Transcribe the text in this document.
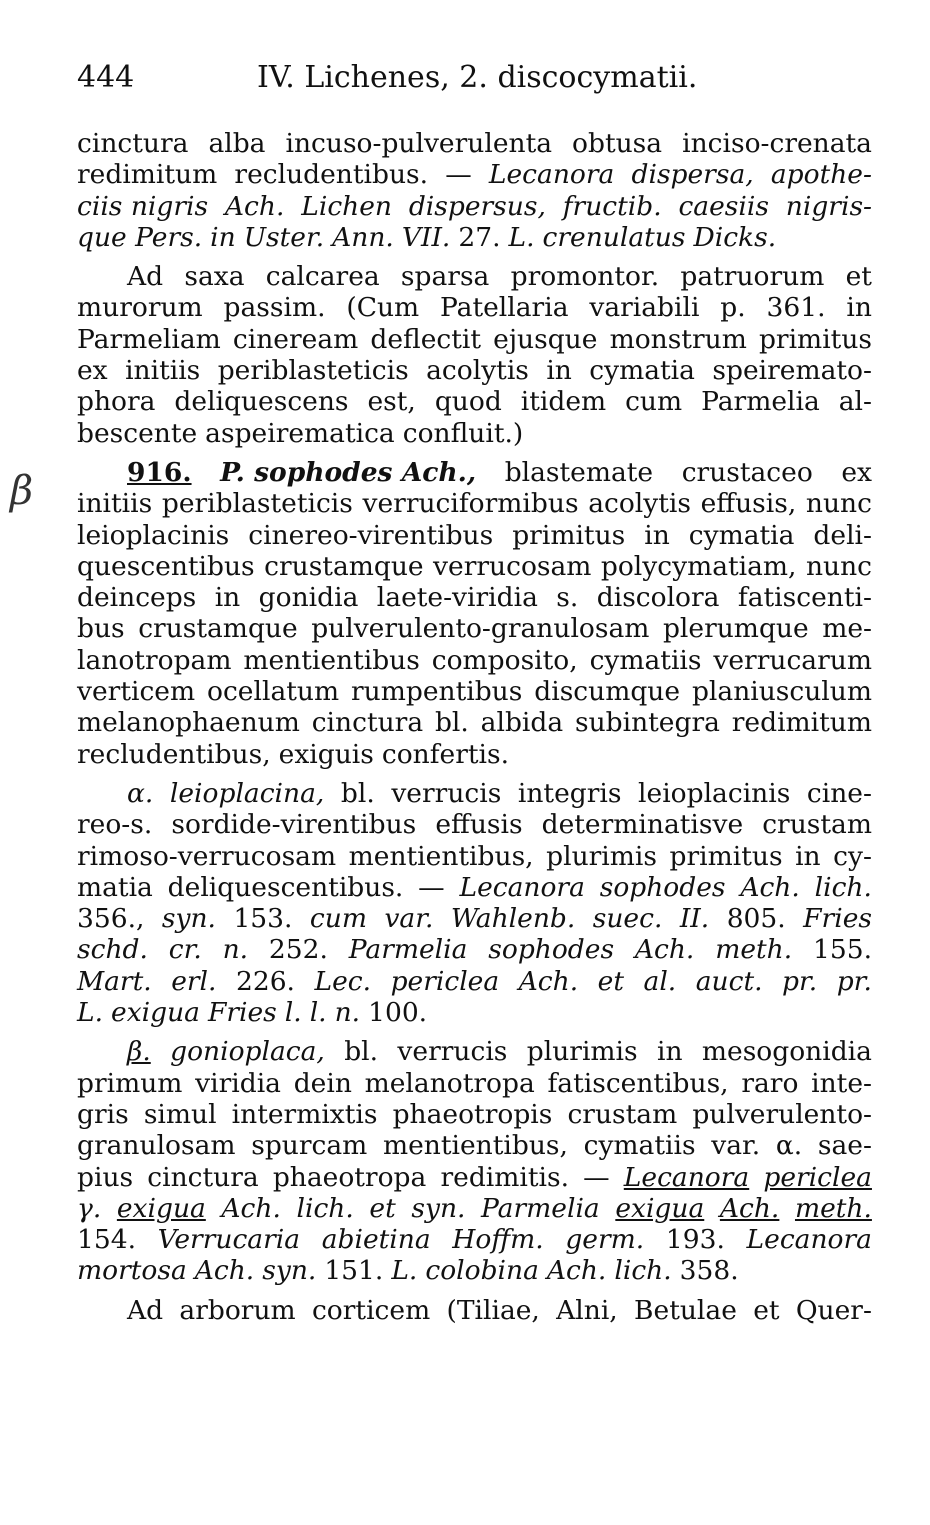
444	IV. Lichenes, 2. discocymatii.
β
cinctura alba incuso-pulverulenta obtusa inciso-crenata
redimitum recludentibus. — Lecanora dispersa, apothe-
ciis nigris Ach. Lichen dispersus, fructib. caesiis nigris-
que Pers. in Uster. Ann. VII. 27. L. crenulatus Dicks.
Ad saxa calcarea sparsa promontor. patruorum et
murorum passim. (Cum Patellaria variabili p. 361. in
Parmeliam cineream deflectit ejusque monstrum primitus
ex initiis periblasteticis acolytis in cymatia speiremato-
phora deliquescens est, quod itidem cum Parmelia al-
bescente aspeirematica confluit.)
916. P. sophodes Ach., blastemate crustaceo ex
initiis periblasteticis verruciformibus acolytis effusis, nunc
leioplacinis cinereo-virentibus primitus in cymatia deli-
quescentibus crustamque verrucosam polycymatiam, nunc
deinceps in gonidia laete-viridia s. discolora fatiscenti-
bus crustamque pulverulento-granulosam plerumque me-
lanotropam mentientibus composito, cymatiis verrucarum
verticem ocellatum rumpentibus discumque planiusculum
melanophaenum cinctura bl. albida subintegra redimitum
recludentibus, exiguis confertis.
α. leioplacina, bl. verrucis integris leioplacinis cine-
reo-s. sordide-virentibus effusis determinatisve crustam
rimoso-verrucosam mentientibus, plurimis primitus in cy-
matia deliquescentibus. — Lecanora sophodes Ach. lich.
356., syn. 153. cum var. Wahlenb. suec. II. 805. Fries
schd. cr. n. 252. Parmelia sophodes Ach. meth. 155.
Mart. erl. 226. Lec. periclea Ach. et al. auct. pr. pr.
L. exigua Fries l. l. n. 100.
β. gonioplaca, bl. verrucis plurimis in mesogonidia
primum viridia dein melanotropa fatiscentibus, raro inte-
gris simul intermixtis phaeotropis crustam pulverulento-
granulosam spurcam mentientibus, cymatiis var. α. sae-
pius cinctura phaeotropa redimitis. — Lecanora periclea
γ. exigua Ach. lich. et syn. Parmelia exigua Ach. meth.
154. Verrucaria abietina Hoffm. germ. 193. Lecanora
mortosa Ach. syn. 151. L. colobina Ach. lich. 358.
Ad arborum corticem (Tiliae, Alni, Betulae et Quer-
